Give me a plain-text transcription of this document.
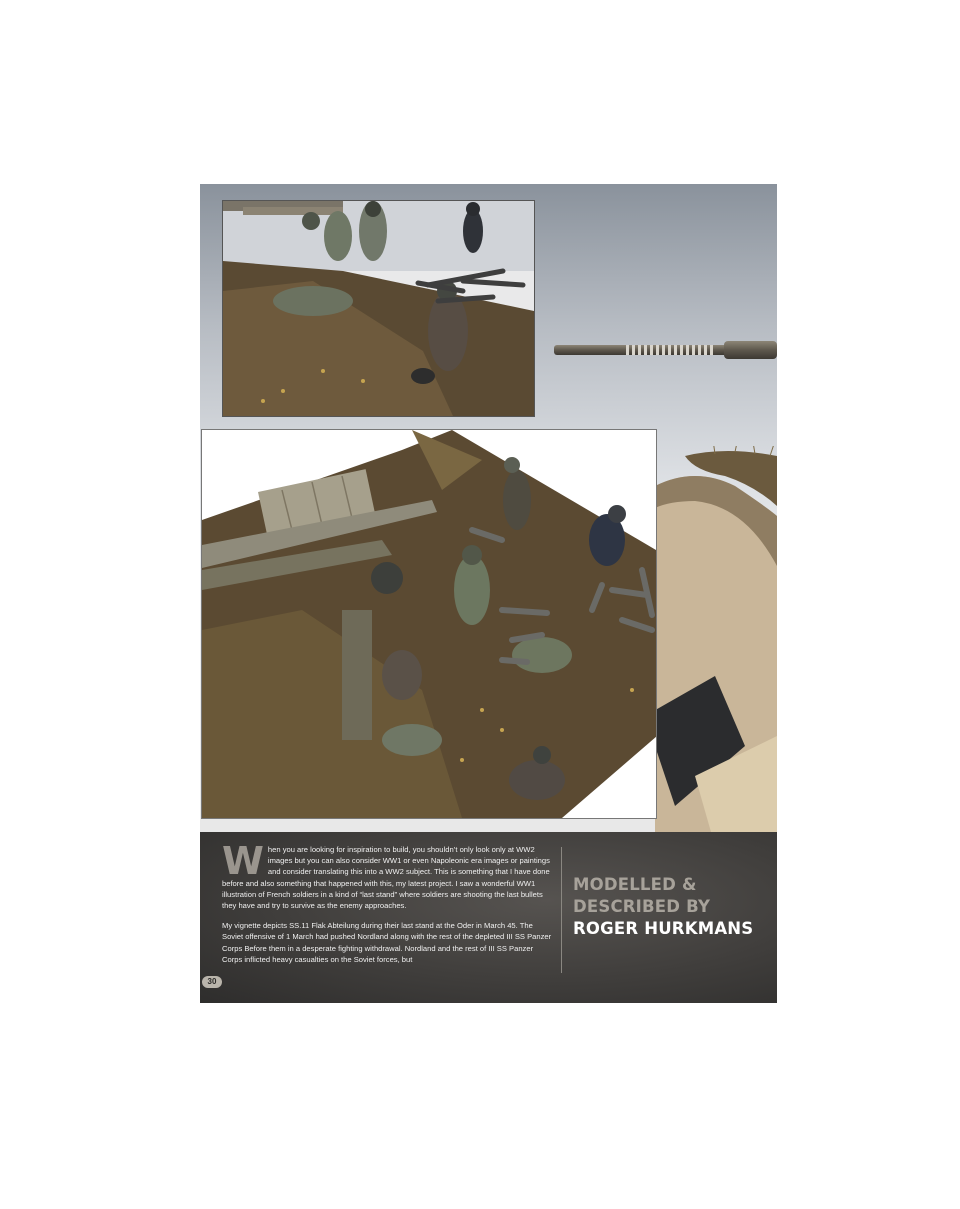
When you are looking for inspiration to build, you shouldn’t only look only at WW2 images but you can also consider WW1 or even Napoleonic era images or paintings and consider translating this into a WW2 subject. This is something that I have done before and also something that happened with this, my latest project. I saw a wonderful WW1 illustration of French soldiers in a kind of “last stand” where soldiers are shooting the last bullets they have and try to survive as the enemy approaches.

My vignette depicts SS.11 Flak Abteilung during their last stand at the Oder in March 45. The Soviet offensive of 1 March had pushed Nordland along with the rest of the depleted III SS Panzer Corps Before them in a desperate fighting withdrawal. Nordland and the rest of III SS Panzer Corps inflicted heavy casualties on the Soviet forces, but

MODELLED &
DESCRIBED BY
ROGER HURKMANS
30
